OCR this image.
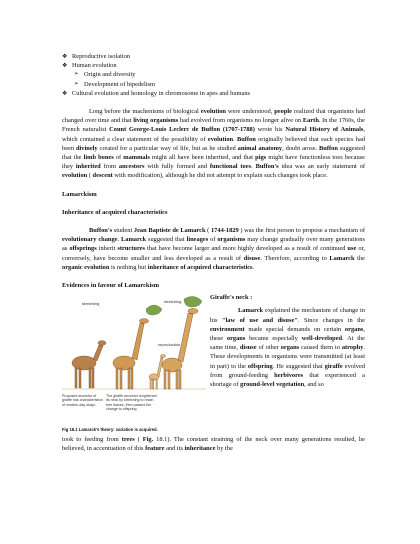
❖ Reproductive isolation
❖ Human evolution
➢ Origin and diversity
➢ Development of bipedelism
❖ Cultural evolution and homology in chromosome in apes and humans
Long before the machenisms of biological evolution were understood, people realized that organisms had changed over time and that living organisms had evolved from organisms no longer alive on Earth. In the 1760s, the French naturalist Count George-Louis Leclerc de Buffon (1707-1788) wrote his Natural History of Animals, which contained a clear statement of the possibility of evolution. Buffon originally believed that each species had been divinely created for a particular way of life, but as he studied animal anatomy, doubt arose. Buffon suggested that the limb bones of mammals might all have been inherited, and that pigs might have functionless toes because they inherited from ancestors with fully formed and functional toes. Buffon's idea was an early statement of evolution ( descent with modification), although he did not attempt to explain such changes took place.
Lamarckism
Inheritance of acquired characteristics
Buffon's student Jean Baptiste de Lamarck ( 1744-1829 ) was the first person to propose a mechanism of evolutionary change. Lamarck suggested that lineages of organisms may change gradually over many generations as offsprings inherit structures that have become larger and more highly developed as a result of continued use or, conversely, have become smaller and less developed as a result of disuse. Therefore, according to Lamarck the organic evolution is nothing but inheritance of acquired characteristics.
Evidences in favour of Lamarckism
stretching	stretching
reproduction
Proposed ancestor of giraffe has characteristics of modern-day okapi.
The giraffe ancestor lengthened its neck by stretching to reach tree leaves, then passed the change to offspring.
Fig 18.1 Lamarck's theory: variation is acquired.
Giraffe's neck :

Lamarck explained the mechanism of change in his "law of use and disuse". Since changes in the environment made special demands on certain organs, these organs became especially well-developed. At the same time, disuse of other organs caused them to atrophy. These developments in organisms were transmitted (at least in part) to the offspring. He suggested that giraffe evolved from ground-feeding herbivores that experienced a shortage of ground-level vegetation, and so

took to feeding from trees ( Fig. 18.1). The constant straining of the neck over many generations resulted, he believed, in accentuation of this feature and its inheritance by the
